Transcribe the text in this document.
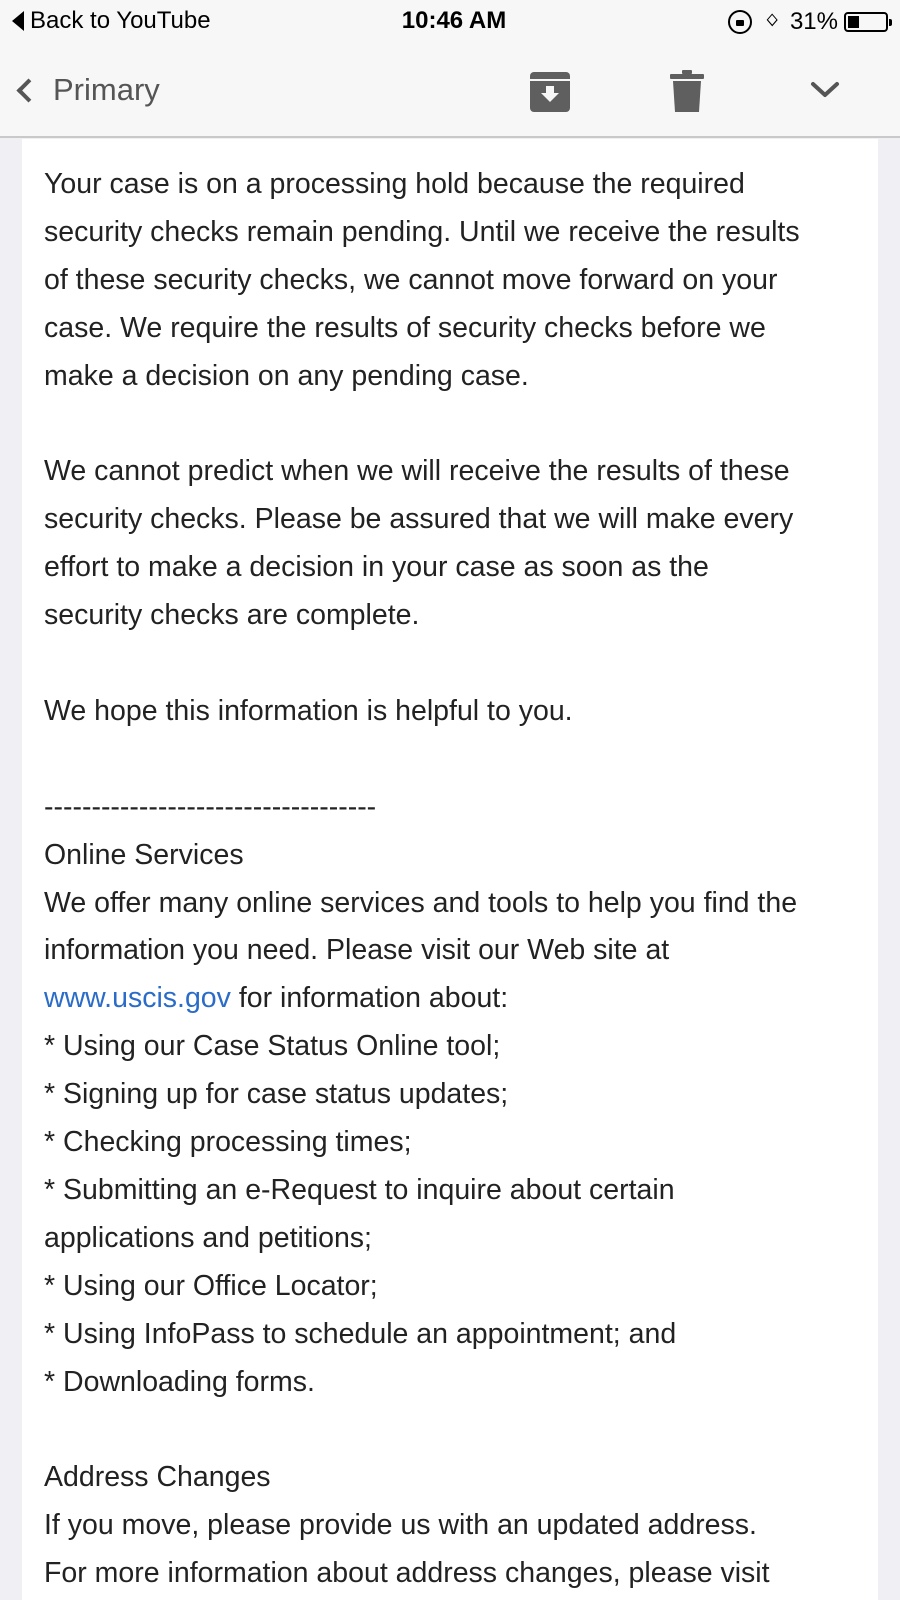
Back to YouTube	10:46 AM	ᛜ 31%
Primary

Your case is on a processing hold because the required

security checks remain pending. Until we receive the results

of these security checks, we cannot move forward on your

case. We require the results of security checks before we

make a decision on any pending case.

We cannot predict when we will receive the results of these

security checks. Please be assured that we will make every

effort to make a decision in your case as soon as the

security checks are complete.

We hope this information is helpful to you.

-----------------------------------

Online Services

We offer many online services and tools to help you find the

information you need. Please visit our Web site at

www.uscis.gov for information about:

* Using our Case Status Online tool;

* Signing up for case status updates;

* Checking processing times;

* Submitting an e-Request to inquire about certain

applications and petitions;

* Using our Office Locator;

* Using InfoPass to schedule an appointment; and

* Downloading forms.

Address Changes

If you move, please provide us with an updated address.

For more information about address changes, please visit
